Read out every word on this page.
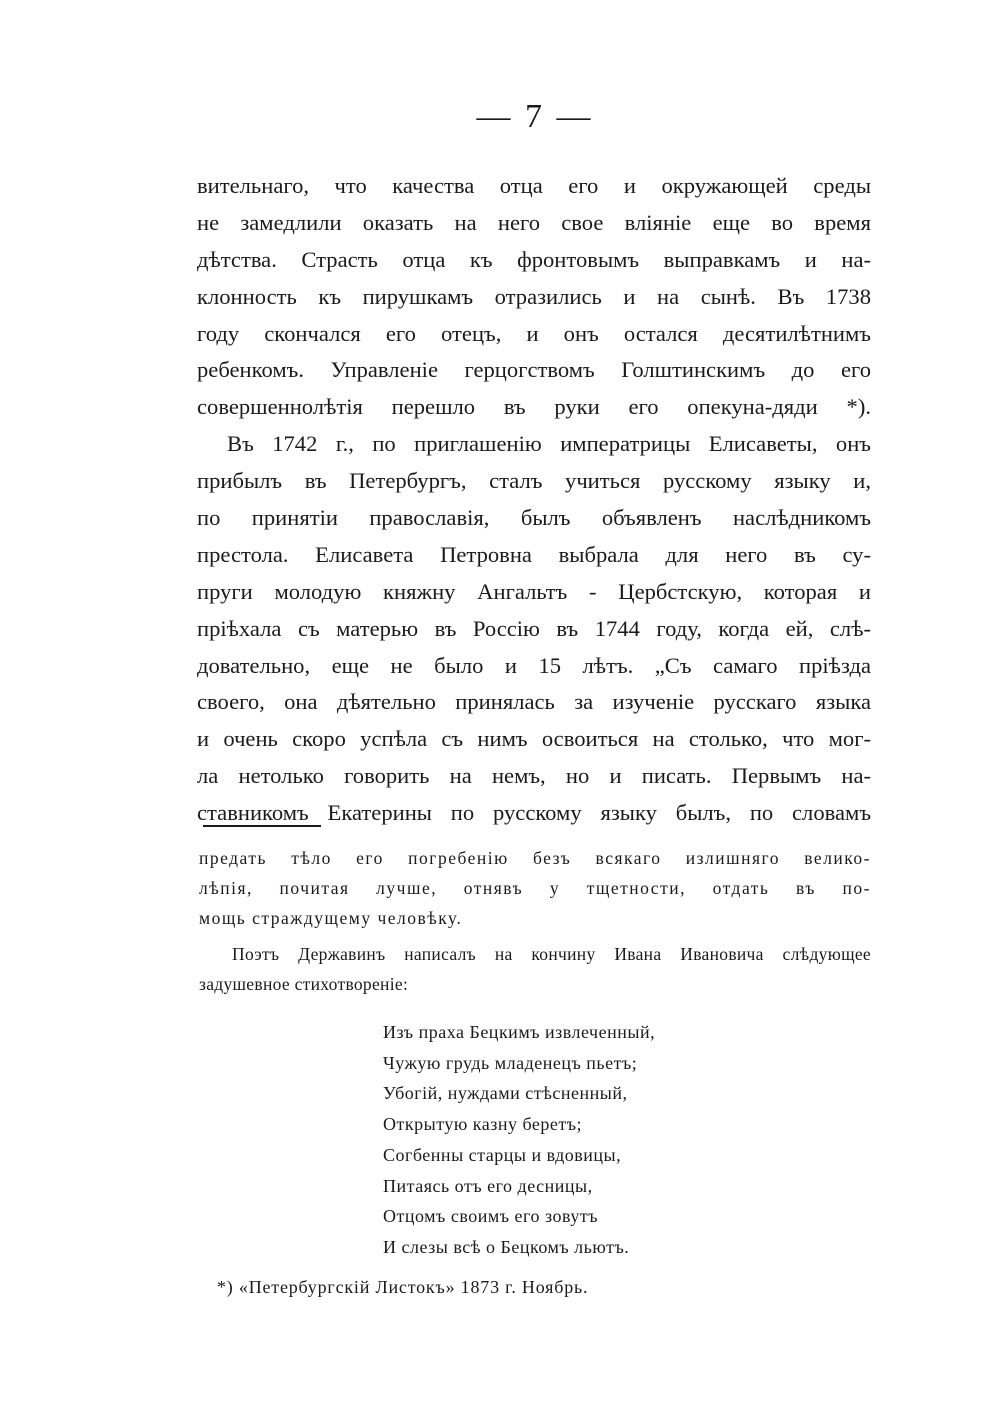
— 7 —
вительнаго, что качества отца его и окружающей среды
не замедлили оказать на него свое вліяніе еще во время
дѣтства. Страсть отца къ фронтовымъ выправкамъ и на-
клонность къ пирушкамъ отразились и на сынѣ. Въ 1738
году скончался его отецъ, и онъ остался десятилѣтнимъ
ребенкомъ. Управленіе герцогствомъ Голштинскимъ до его
совершеннолѣтія перешло въ руки его опекуна-дяди *).
Въ 1742 г., по приглашенію императрицы Елисаветы, онъ
прибылъ въ Петербургъ, сталъ учиться русскому языку и,
по принятіи православія, былъ объявленъ наслѣдникомъ
престола. Елисавета Петровна выбрала для него въ су-
пруги молодую княжну Ангальтъ - Цербстскую, которая и
пріѣхала съ матерью въ Россію въ 1744 году, когда ей, слѣ-
довательно, еще не было и 15 лѣтъ. „Съ самаго пріѣзда
своего, она дѣятельно принялась за изученіе русскаго языка
и очень скоро успѣла съ нимъ освоиться на столько, что мог-
ла нетолько говорить на немъ, но и писать. Первымъ на-
ставникомъ Екатерины по русскому языку былъ, по словамъ
предать тѣло его погребенію безъ всякаго излишняго велико-
лѣпія, почитая лучше, отнявъ у тщетности, отдать въ по-
мощь страждущему человѣку.
Поэтъ Державинъ написалъ на кончину Ивана Ивановича слѣдующее
задушевное стихотвореніе:
Изъ праха Бецкимъ извлеченный,
Чужую грудь младенецъ пьетъ;
Убогій, нуждами стѣсненный,
Открытую казну беретъ;
Согбенны старцы и вдовицы,
Питаясь отъ его десницы,
Отцомъ своимъ его зовутъ
И слезы всѣ о Бецкомъ льютъ.
*) «Петербургскій Листокъ» 1873 г. Ноябрь.
